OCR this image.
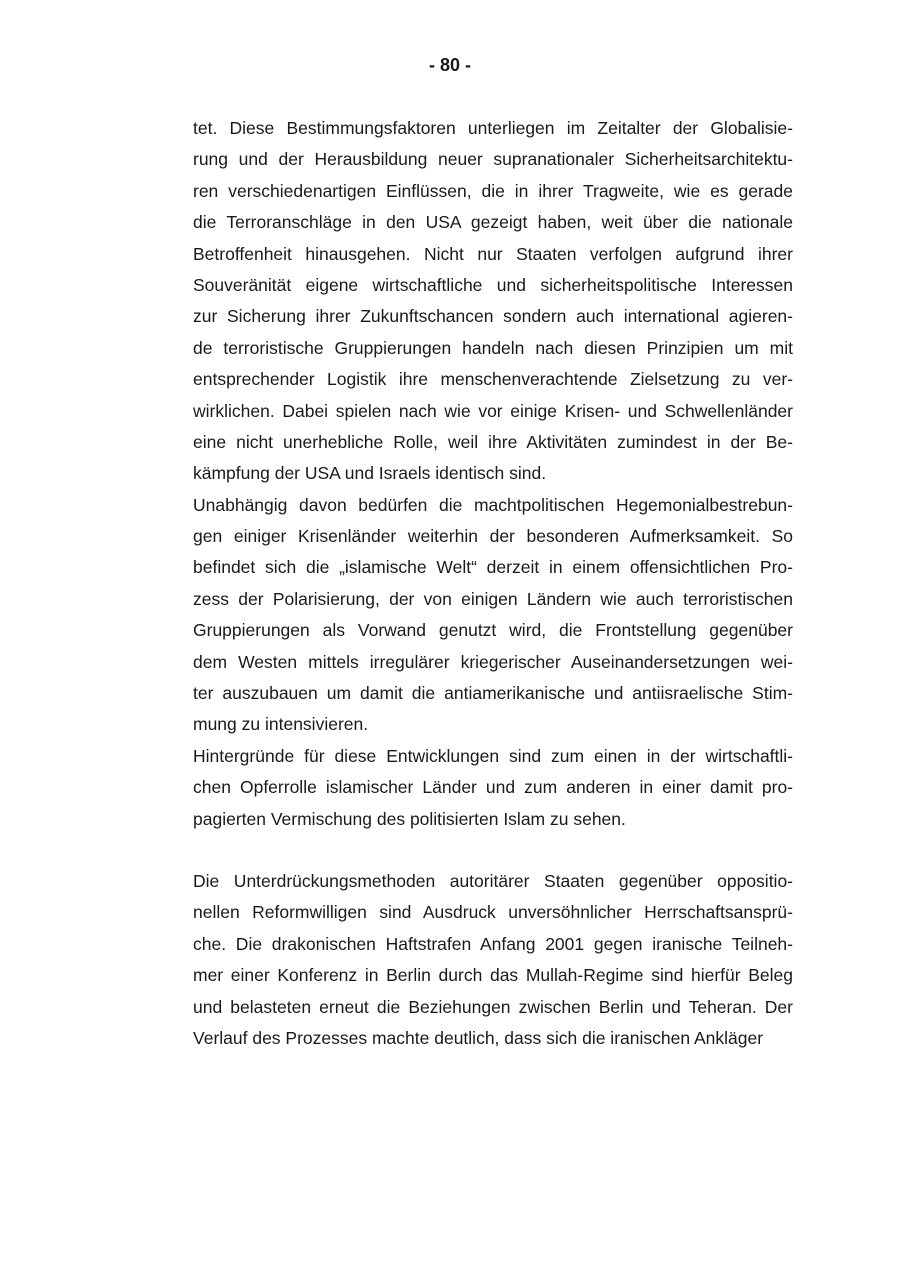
- 80 -
tet. Diese Bestimmungsfaktoren unterliegen im Zeitalter der Globalisie-
rung und der Herausbildung neuer supranationaler Sicherheitsarchitektu-
ren verschiedenartigen Einflüssen, die in ihrer Tragweite, wie es gerade
die Terroranschläge in den USA gezeigt haben, weit über die nationale
Betroffenheit hinausgehen. Nicht nur Staaten verfolgen aufgrund ihrer
Souveränität eigene wirtschaftliche und sicherheitspolitische Interessen
zur Sicherung ihrer Zukunftschancen sondern auch international agieren-
de terroristische Gruppierungen handeln nach diesen Prinzipien um mit
entsprechender Logistik ihre menschenverachtende Zielsetzung zu ver-
wirklichen. Dabei spielen nach wie vor einige Krisen- und Schwellenländer
eine nicht unerhebliche Rolle, weil ihre Aktivitäten zumindest in der Be-
kämpfung der USA und Israels identisch sind.
Unabhängig davon bedürfen die machtpolitischen Hegemonialbestrebun-
gen einiger Krisenländer weiterhin der besonderen Aufmerksamkeit. So
befindet sich die „islamische Welt“ derzeit in einem offensichtlichen Pro-
zess der Polarisierung, der von einigen Ländern wie auch terroristischen
Gruppierungen als Vorwand genutzt wird, die Frontstellung gegenüber
dem Westen mittels irregulärer kriegerischer Auseinandersetzungen wei-
ter auszubauen um damit die antiamerikanische und antiisraelische Stim-
mung zu intensivieren.
Hintergründe für diese Entwicklungen sind zum einen in der wirtschaftli-
chen Opferrolle islamischer Länder und zum anderen in einer damit pro-
pagierten Vermischung des politisierten Islam zu sehen.
Die Unterdrückungsmethoden autoritärer Staaten gegenüber oppositio-
nellen Reformwilligen sind Ausdruck unversöhnlicher Herrschaftsansprü-
che. Die drakonischen Haftstrafen Anfang 2001 gegen iranische Teilneh-
mer einer Konferenz in Berlin durch das Mullah-Regime sind hierfür Beleg
und belasteten erneut die Beziehungen zwischen Berlin und Teheran. Der
Verlauf des Prozesses machte deutlich, dass sich die iranischen Ankläger
